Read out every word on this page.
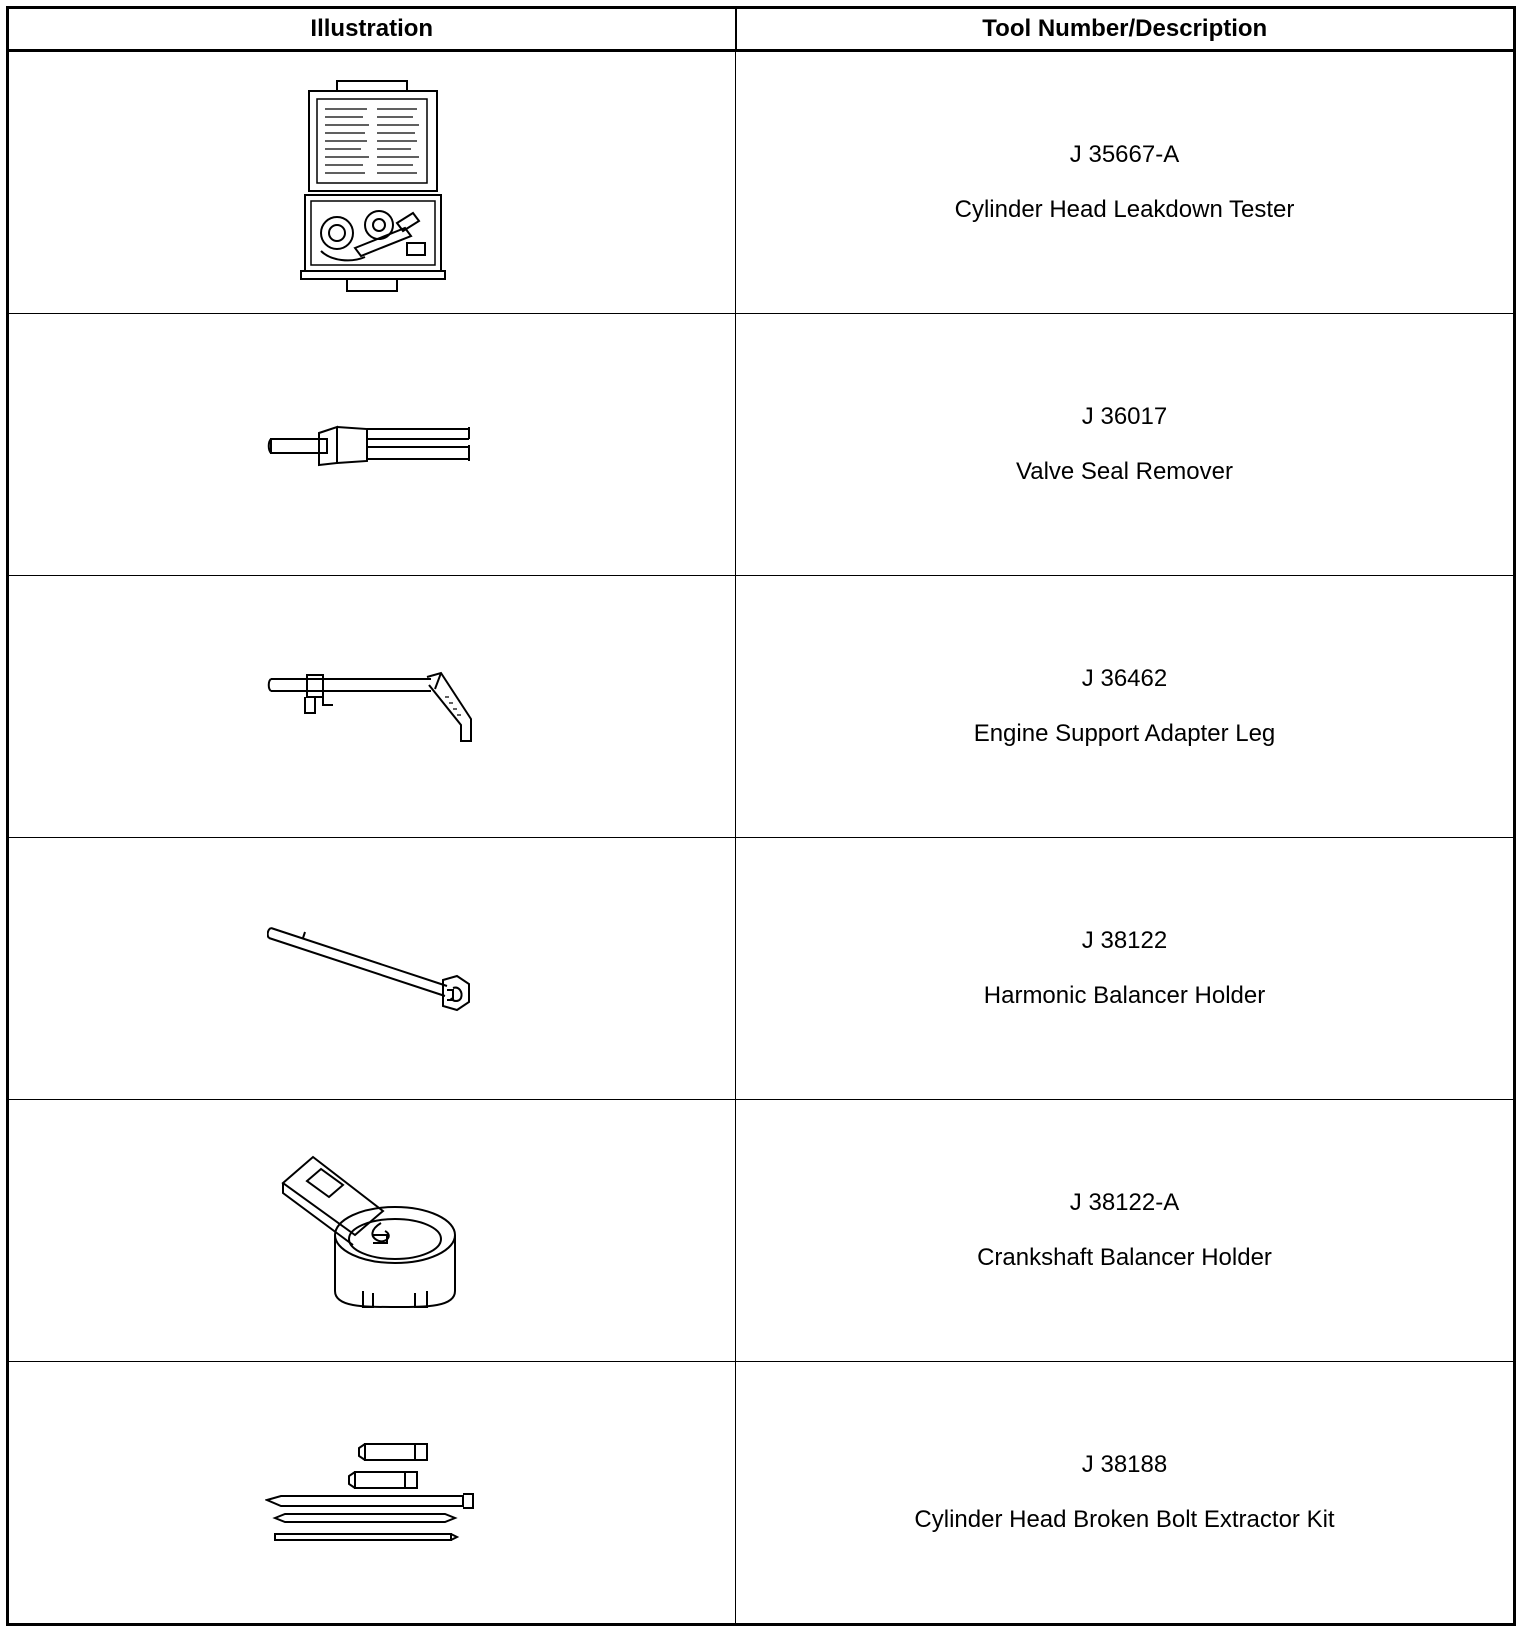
Illustration	Tool Number/Description

J 35667-A
Cylinder Head Leakdown Tester

J 36017
Valve Seal Remover

J 36462
Engine Support Adapter Leg

J 38122
Harmonic Balancer Holder

J 38122-A
Crankshaft Balancer Holder

J 38188
Cylinder Head Broken Bolt Extractor Kit
